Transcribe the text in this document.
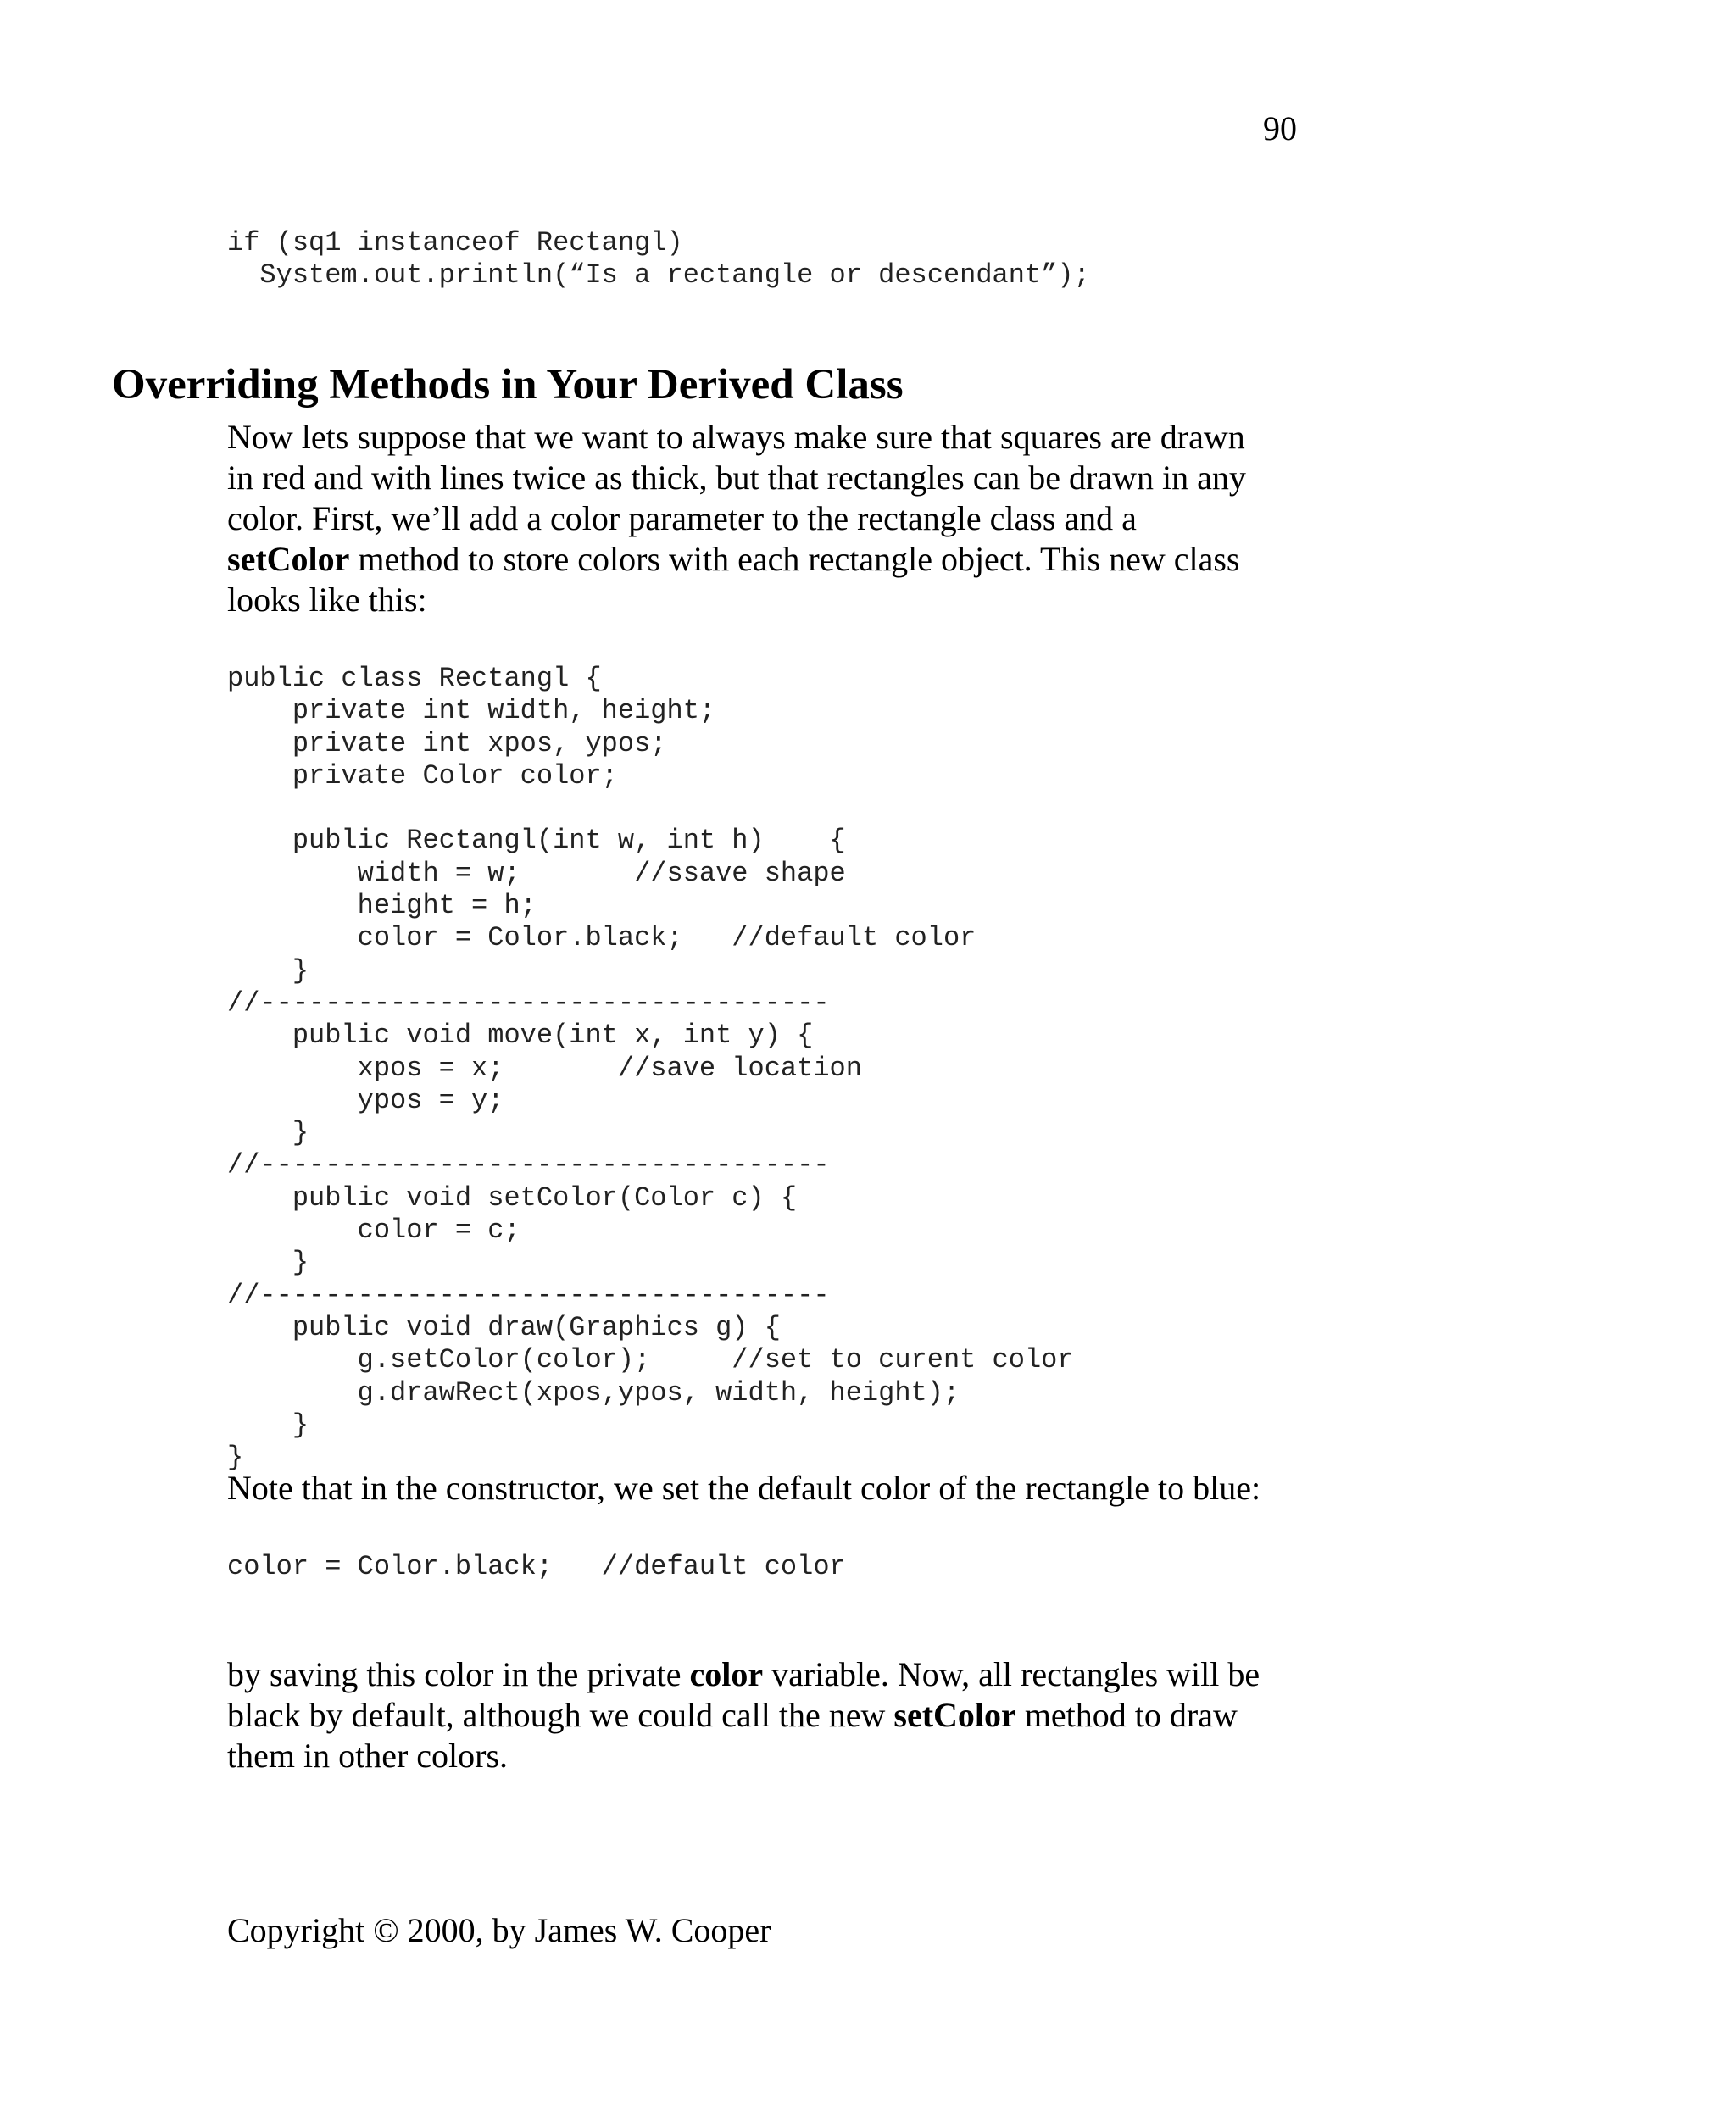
90

if (sq1 instanceof Rectangl)
System.out.println(“Is a rectangle or descendant”);
Overriding Methods in Your Derived Class

Now lets suppose that we want to always make sure that squares are drawn
in red and with lines twice as thick, but that rectangles can be drawn in any
color. First, we’ll add a color parameter to the rectangle class and a
setColor method to store colors with each rectangle object. This new class
looks like this:

public class Rectangl {
private int width, height;
private int xpos, ypos;
private Color color;

public Rectangl(int w, int h)    {
width = w;       //ssave shape
height = h;
color = Color.black;   //default color
}
//-----------------------------------
public void move(int x, int y) {
xpos = x;       //save location
ypos = y;
}
//-----------------------------------
public void setColor(Color c) {
color = c;
}
//-----------------------------------
public void draw(Graphics g) {
g.setColor(color);     //set to curent color
g.drawRect(xpos,ypos, width, height);
}
}

Note that in the constructor, we set the default color of the rectangle to blue:

color = Color.black;   //default color

by saving this color in the private color variable. Now, all rectangles will be
black by default, although we could call the new setColor method to draw
them in other colors.

Copyright © 2000, by James W. Cooper
